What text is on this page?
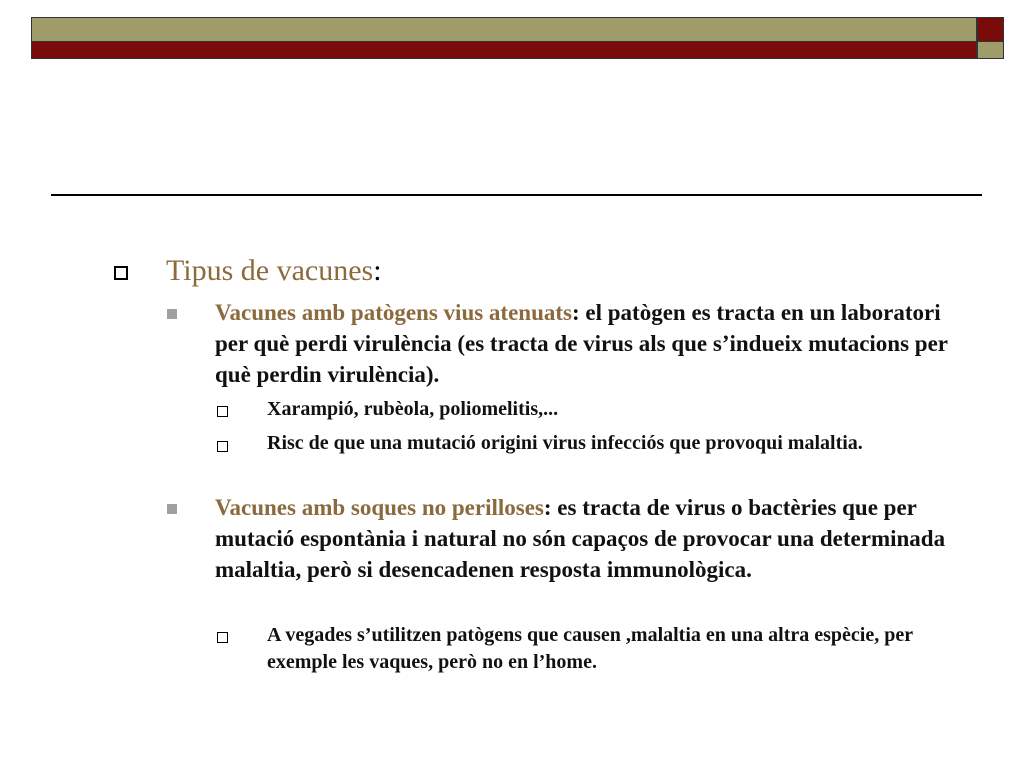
Tipus de vacunes:
Vacunes amb patògens vius atenuats: el patògen es tracta en un laboratori per què perdi virulència (es tracta de virus als que s’indueix mutacions per què perdin virulència).
Xarampió, rubèola, poliomelitis,...
Risc de que una mutació origini virus infecciós que provoqui malaltia.
Vacunes amb soques no perilloses: es tracta de virus o bactèries que per mutació espontània i natural no són capaços de provocar una determinada malaltia, però si desencadenen resposta immunològica.
A vegades s’utilitzen patògens que causen ,malaltia en una altra espècie, per exemple les vaques, però no en l’home.
